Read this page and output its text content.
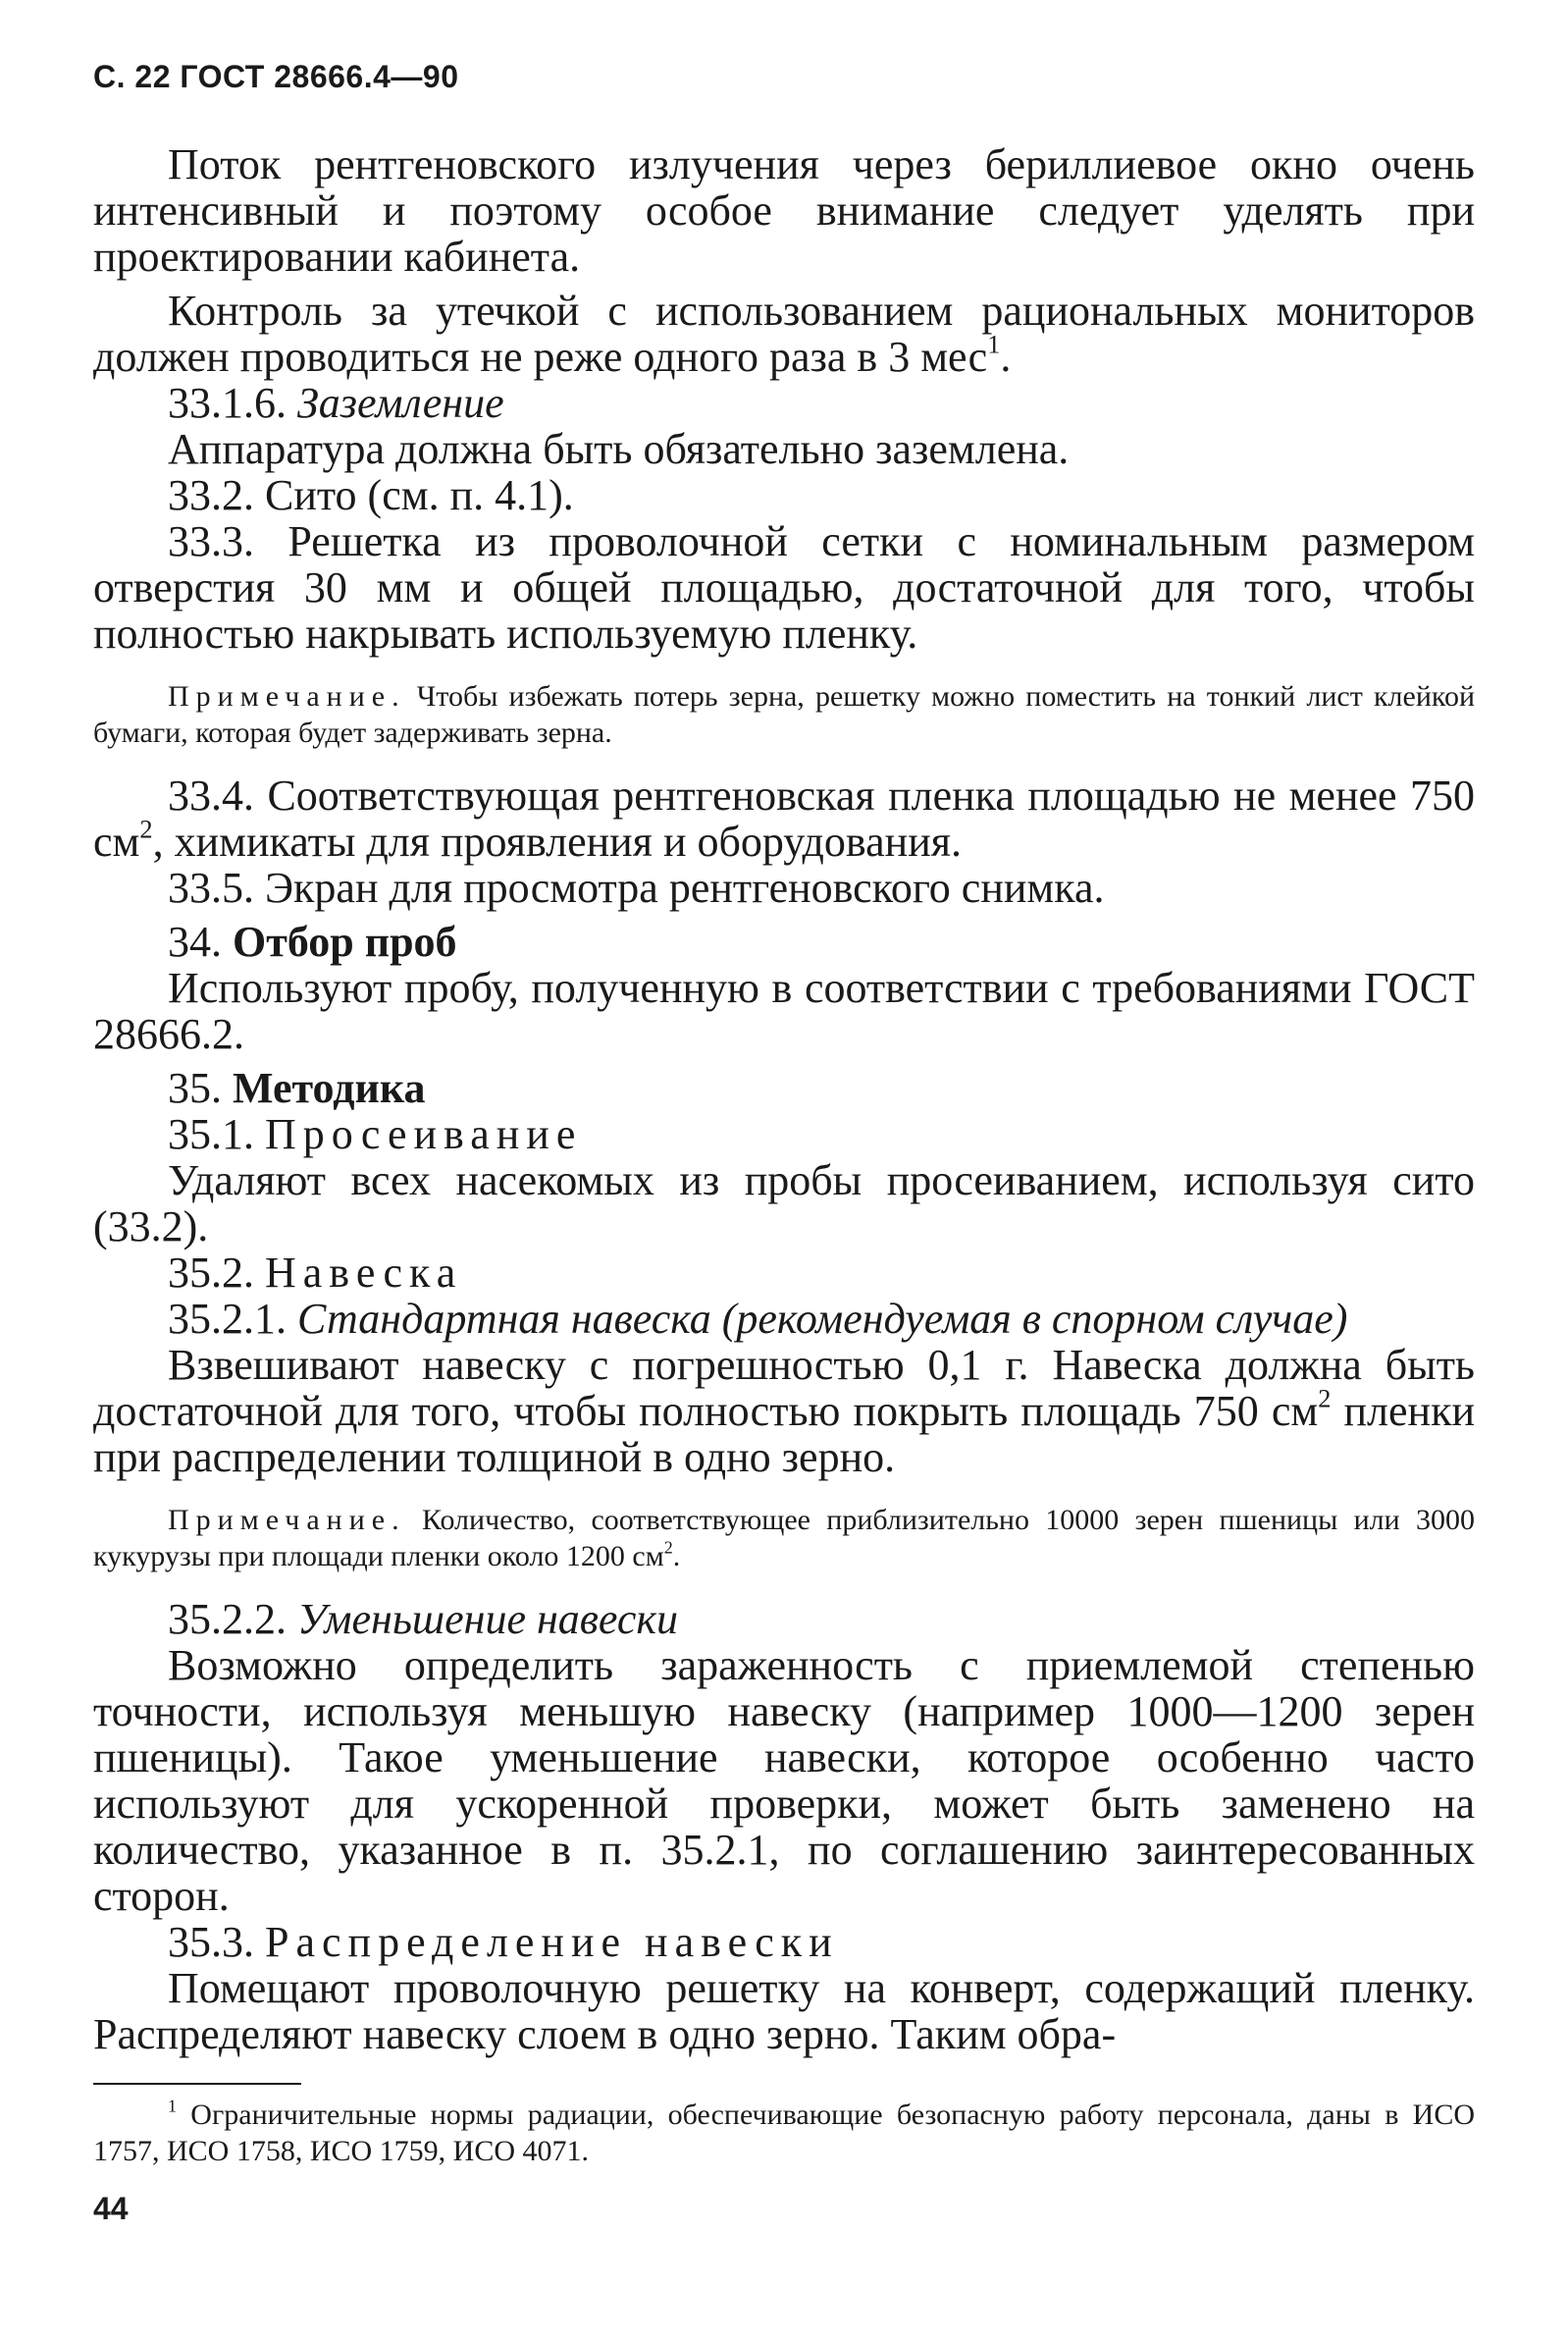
С. 22 ГОСТ 28666.4—90

Поток рентгеновского излучения через бериллиевое окно очень интенсивный и поэтому особое внимание следует уделять при проектировании кабинета.

Контроль за утечкой с использованием рациональных мониторов должен проводиться не реже одного раза в 3 мес$^1$.

33.1.6. Заземление

Аппаратура должна быть обязательно заземлена.

33.2. Сито (см. п. 4.1).

33.3. Решетка из проволочной сетки с номинальным размером отверстия 30 мм и общей площадью, достаточной для того, чтобы полностью накрывать используемую пленку.

Примечание. Чтобы избежать потерь зерна, решетку можно поместить на тонкий лист клейкой бумаги, которая будет задерживать зерна.

33.4. Соответствующая рентгеновская пленка площадью не менее 750 $см^2$, химикаты для проявления и оборудования.

33.5. Экран для просмотра рентгеновского снимка.

34. Отбор проб

Используют пробу, полученную в соответствии с требованиями ГОСТ 28666.2.

35. Методика

35.1. Просеивание

Удаляют всех насекомых из пробы просеиванием, используя сито (33.2).

35.2. Навеска

35.2.1. Стандартная навеска (рекомендуемая в спорном случае)

Взвешивают навеску с погрешностью 0,1 г. Навеска должна быть достаточной для того, чтобы полностью покрыть площадь 750 $см^2$ пленки при распределении толщиной в одно зерно.

Примечание. Количество, соответствующее приблизительно 10000 зерен пшеницы или 3000 кукурузы при площади пленки около 1200 $см^2$.

35.2.2. Уменьшение навески

Возможно определить зараженность с приемлемой степенью точности, используя меньшую навеску (например 1000—1200 зерен пшеницы). Такое уменьшение навески, которое особенно часто используют для ускоренной проверки, может быть заменено на количество, указанное в п. 35.2.1, по соглашению заинтересованных сторон.

35.3. Распределение навески

Помещают проволочную решетку на конверт, содержащий пленку. Распределяют навеску слоем в одно зерно. Таким обра-

$^1$ Ограничительные нормы радиации, обеспечивающие безопасную работу персонала, даны в ИСО 1757, ИСО 1758, ИСО 1759, ИСО 4071.

44
